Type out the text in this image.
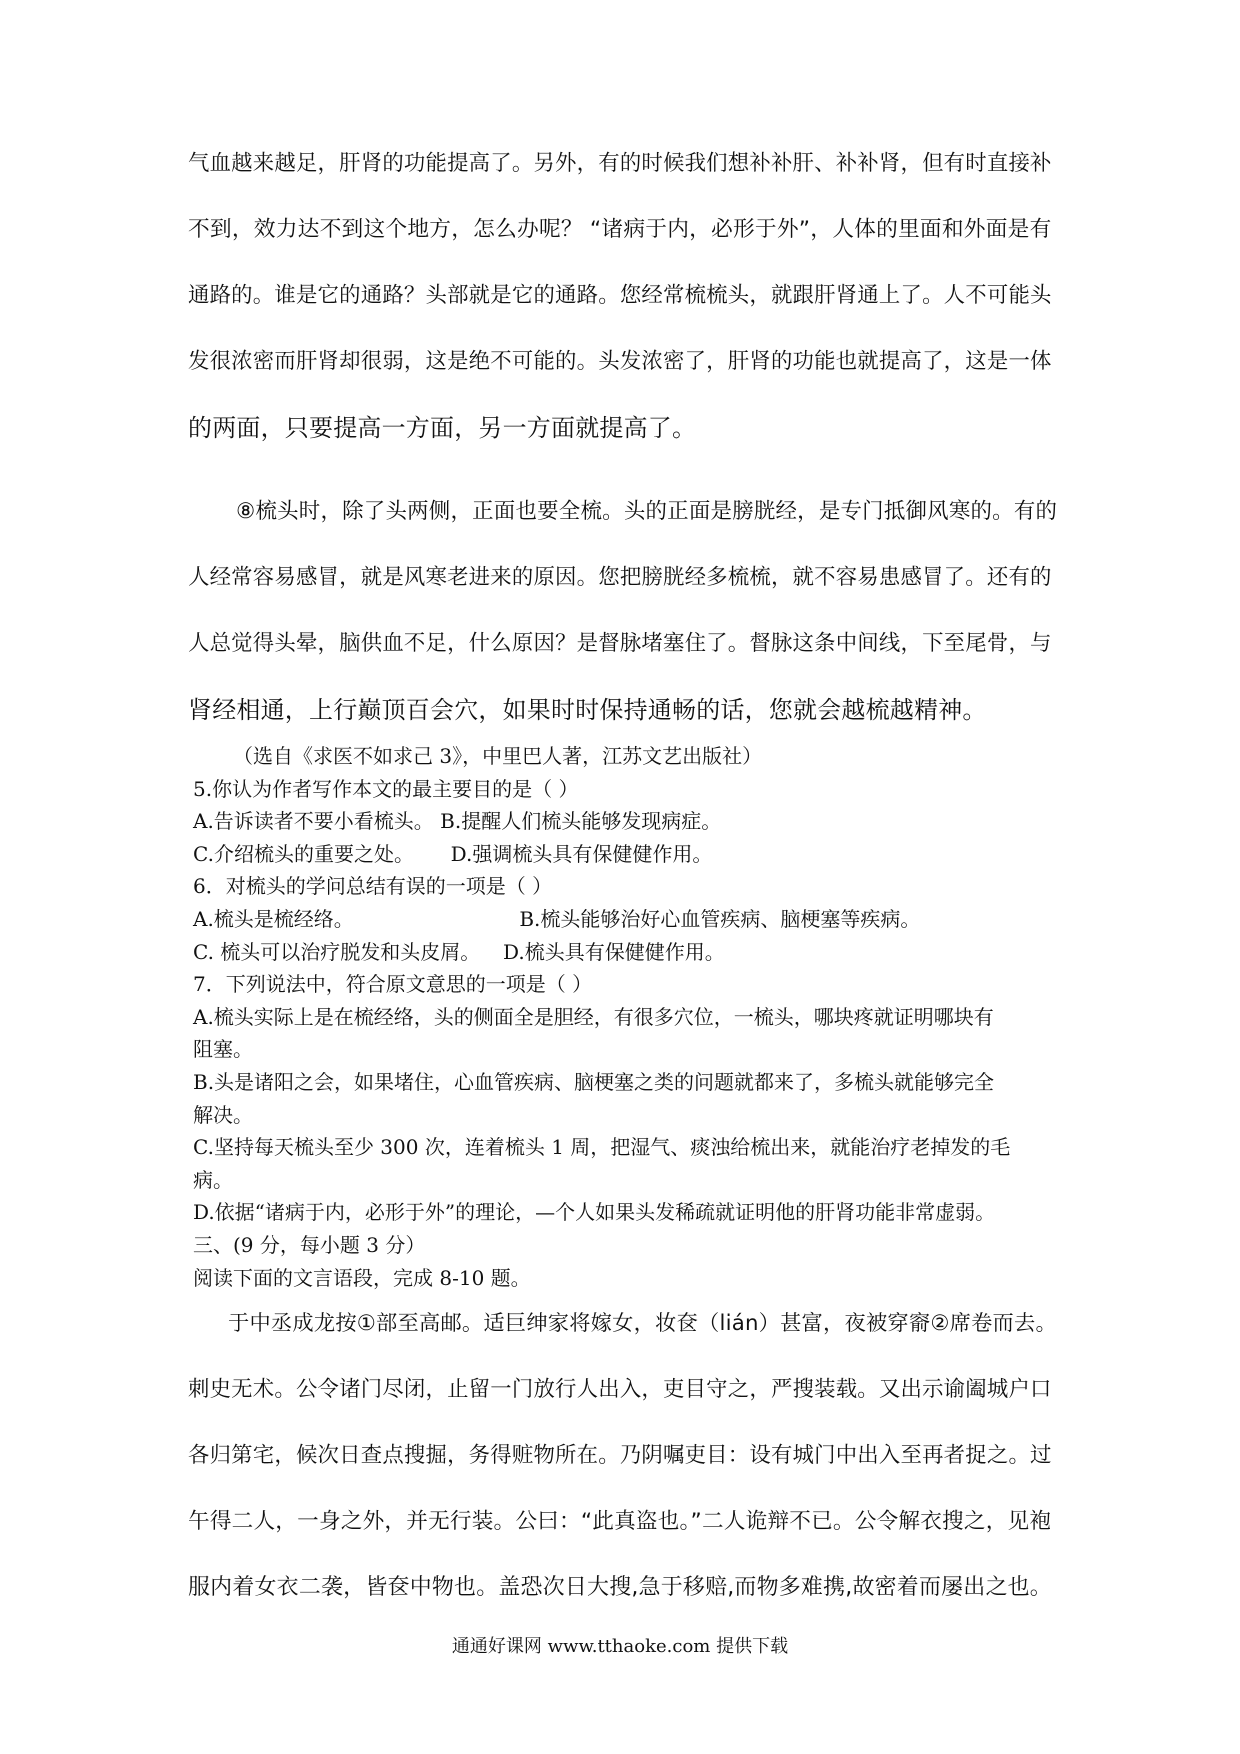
气血越来越足，肝肾的功能提高了。另外，有的时候我们想补补肝、补补肾，但有时直接补
不到，效力达不到这个地方，怎么办呢？ “诸病于内，必形于外”，人体的里面和外面是有
通路的。谁是它的通路？头部就是它的通路。您经常梳梳头，就跟肝肾通上了。人不可能头
发很浓密而肝肾却很弱，这是绝不可能的。头发浓密了，肝肾的功能也就提高了，这是一体
的两面，只要提高一方面，另一方面就提高了。
⑧梳头时，除了头两侧，正面也要全梳。头的正面是膀胱经，是专门抵御风寒的。有的
人经常容易感冒，就是风寒老进来的原因。您把膀胱经多梳梳，就不容易患感冒了。还有的
人总觉得头晕，脑供血不足，什么原因？是督脉堵塞住了。督脉这条中间线，下至尾骨，与
肾经相通，上行巅顶百会穴，如果时时保持通畅的话，您就会越梳越精神。
（选自《求医不如求己 3》，中里巴人著，江苏文艺出版社）
5.你认为作者写作本文的最主要目的是（ ）
A.告诉读者不要小看梳头。 B.提醒人们梳头能够发现病症。
C.介绍梳头的重要之处。 D.强调梳头具有保健健作用。
6．对梳头的学问总结有误的一项是（ ）
A.梳头是梳经络。	B.梳头能够治好心血管疾病、脑梗塞等疾病。
C. 梳头可以治疗脱发和头皮屑。 D.梳头具有保健健作用。
7．下列说法中，符合原文意思的一项是（ ）
A.梳头实际上是在梳经络，头的侧面全是胆经，有很多穴位，一梳头，哪块疼就证明哪块有
阻塞。
B.头是诸阳之会，如果堵住，心血管疾病、脑梗塞之类的问题就都来了，多梳头就能够完全
解决。
C.坚持每天梳头至少 300 次，连着梳头 1 周，把湿气、痰浊给梳出来，就能治疗老掉发的毛
病。
D.依据“诸病于内，必形于外”的理论，—个人如果头发稀疏就证明他的肝肾功能非常虚弱。
三、(9 分，每小题 3 分）
阅读下面的文言语段，完成 8-10 题。
于中丞成龙按①部至高邮。适巨绅家将嫁女，妆奁（lián）甚富，夜被穿窬②席卷而去。
刺史无术。公令诸门尽闭，止留一门放行人出入，吏目守之，严搜装载。又出示谕阖城户口
各归第宅，候次日查点搜掘，务得赃物所在。乃阴嘱吏目：设有城门中出入至再者捉之。过
午得二人，一身之外，并无行装。公曰：“此真盗也。”二人诡辩不已。公令解衣搜之，见袍
服内着女衣二袭，皆奁中物也。盖恐次日大搜,急于移赔,而物多难携,故密着而屡出之也。
通通好课网 www.tthaoke.com 提供下载
